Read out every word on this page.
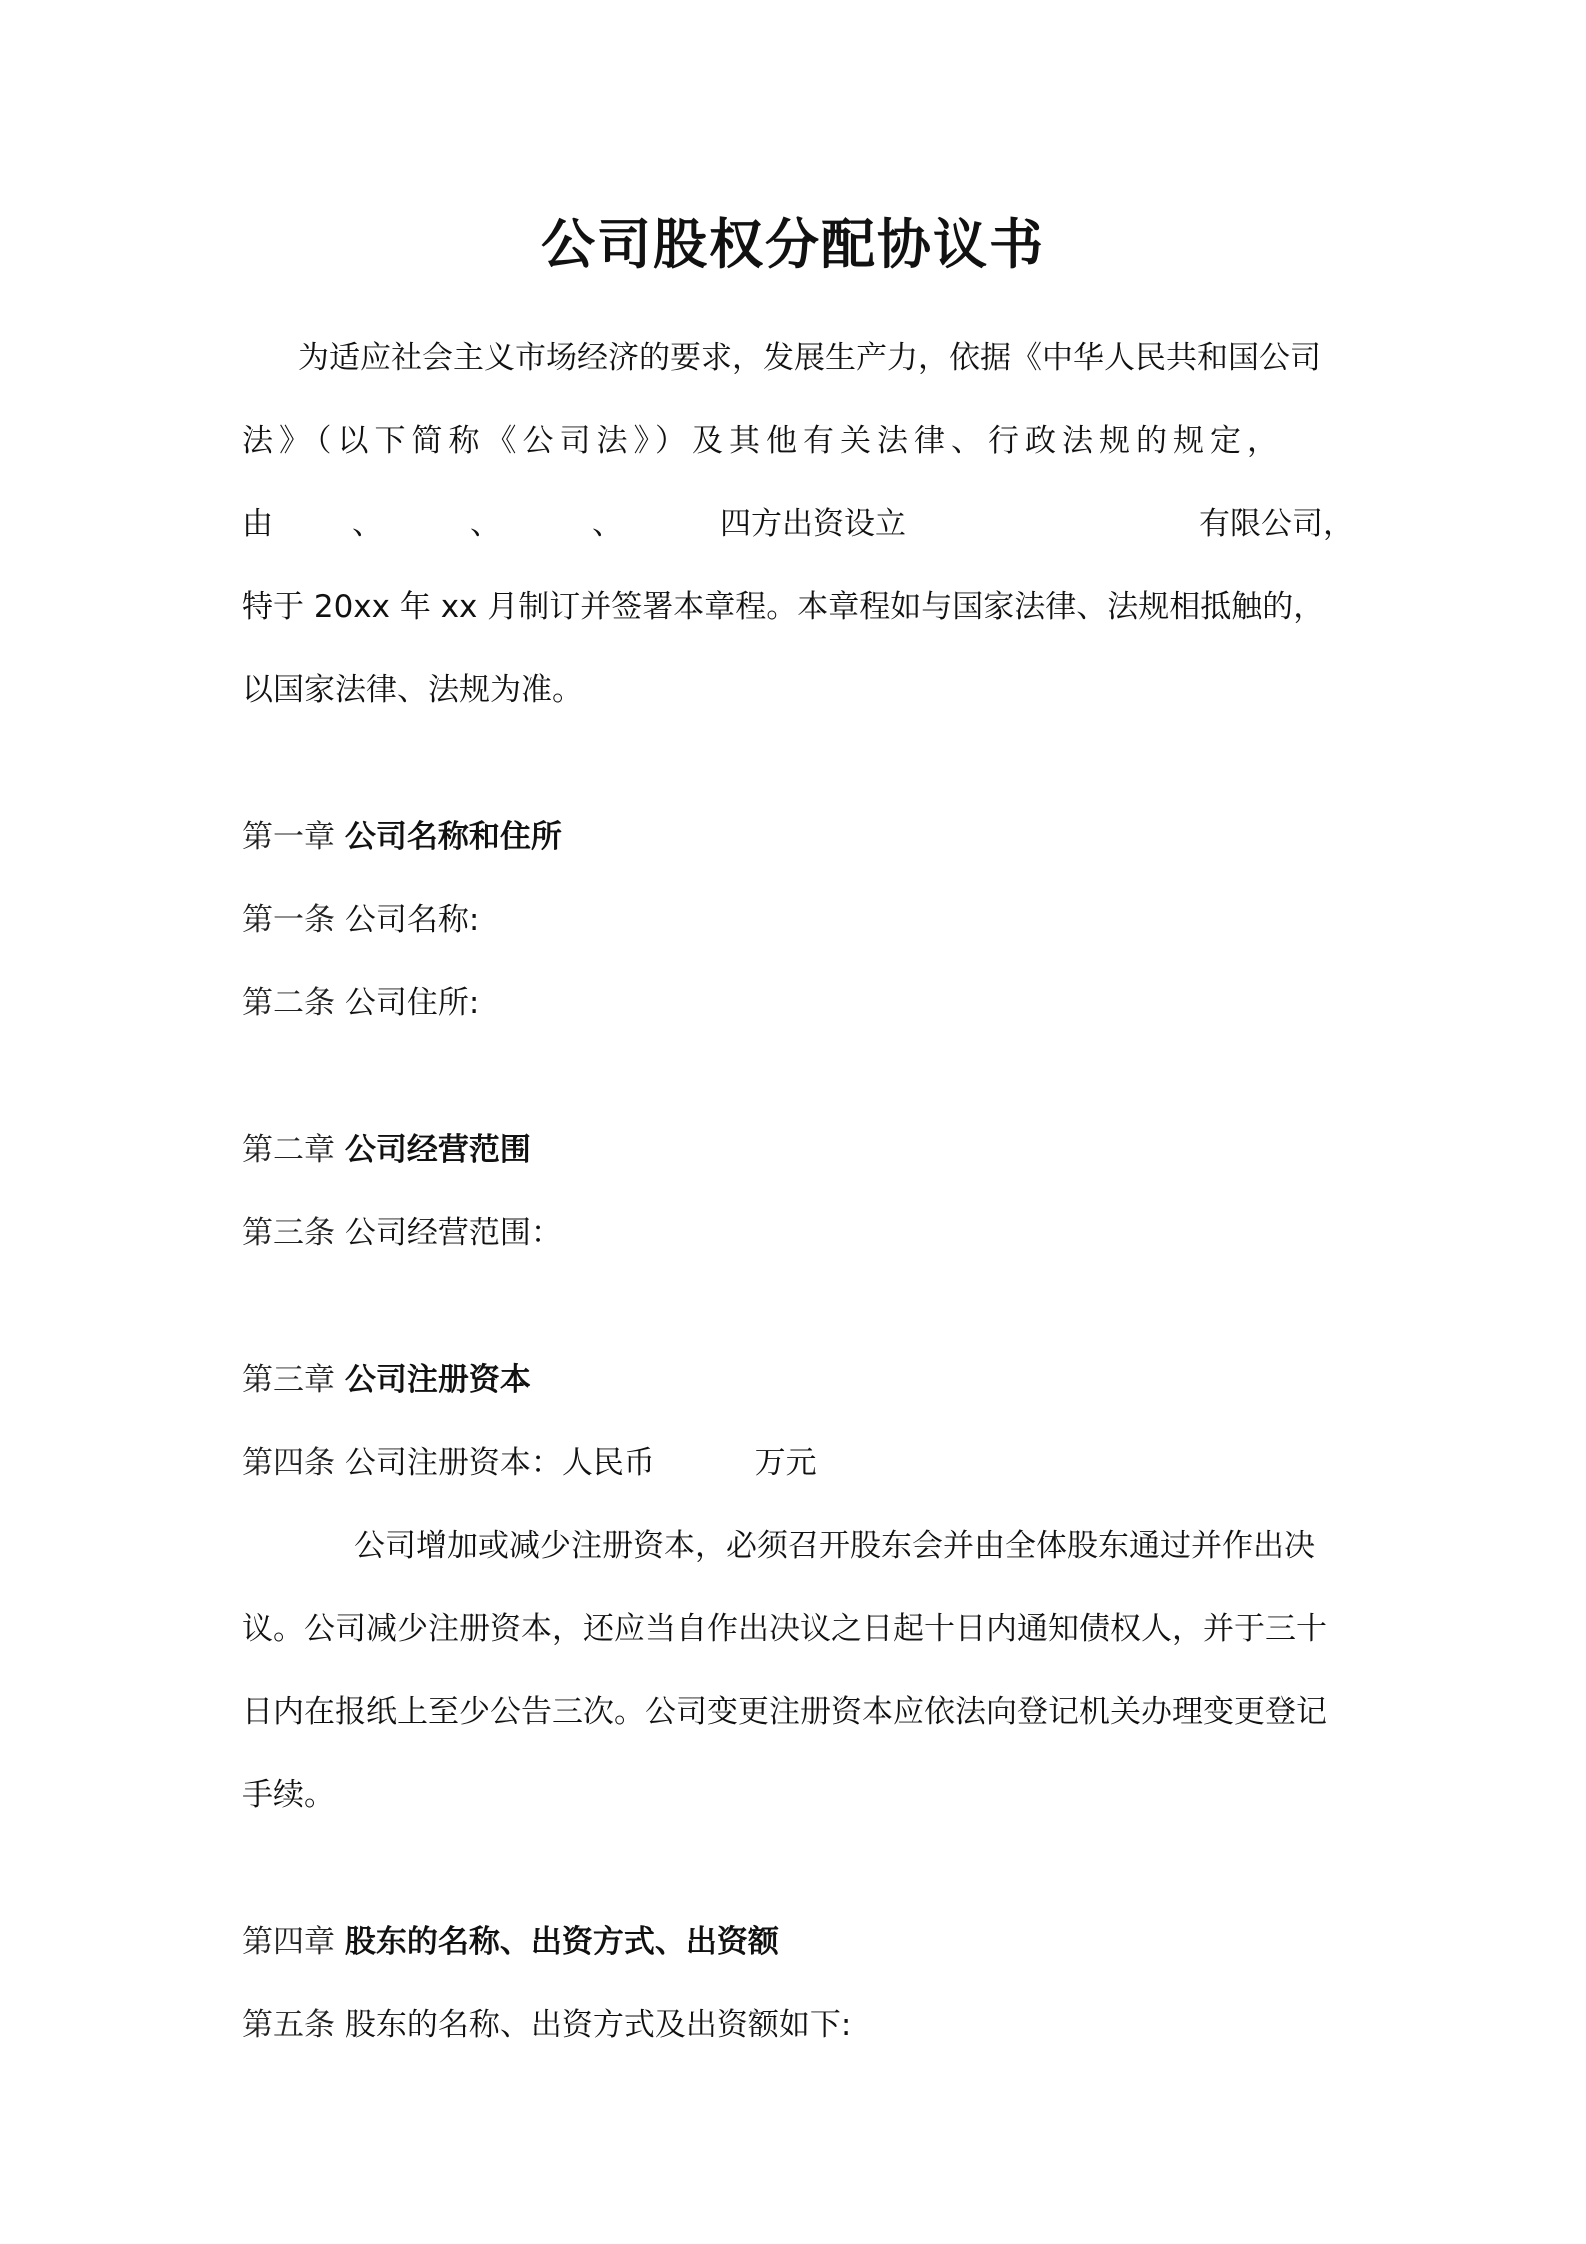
公司股权分配协议书
为适应社会主义市场经济的要求，发展生产力，依据《中华人民共和国公司
法》（以下简称《公司法》）及其他有关法律、行政法规的规定，
由	、	、	、	四方出资设立	有限公司，
特于 20xx 年 xx 月制订并签署本章程。本章程如与国家法律、法规相抵触的，
以国家法律、法规为准。
第一章 公司名称和住所
第一条 公司名称:
第二条 公司住所:
第二章 公司经营范围
第三条 公司经营范围：
第三章 公司注册资本
第四条 公司注册资本：人民币	万元
公司增加或减少注册资本，必须召开股东会并由全体股东通过并作出决
议。公司减少注册资本，还应当自作出决议之日起十日内通知债权人，并于三十
日内在报纸上至少公告三次。公司变更注册资本应依法向登记机关办理变更登记
手续。
第四章 股东的名称、出资方式、出资额
第五条 股东的名称、出资方式及出资额如下:
